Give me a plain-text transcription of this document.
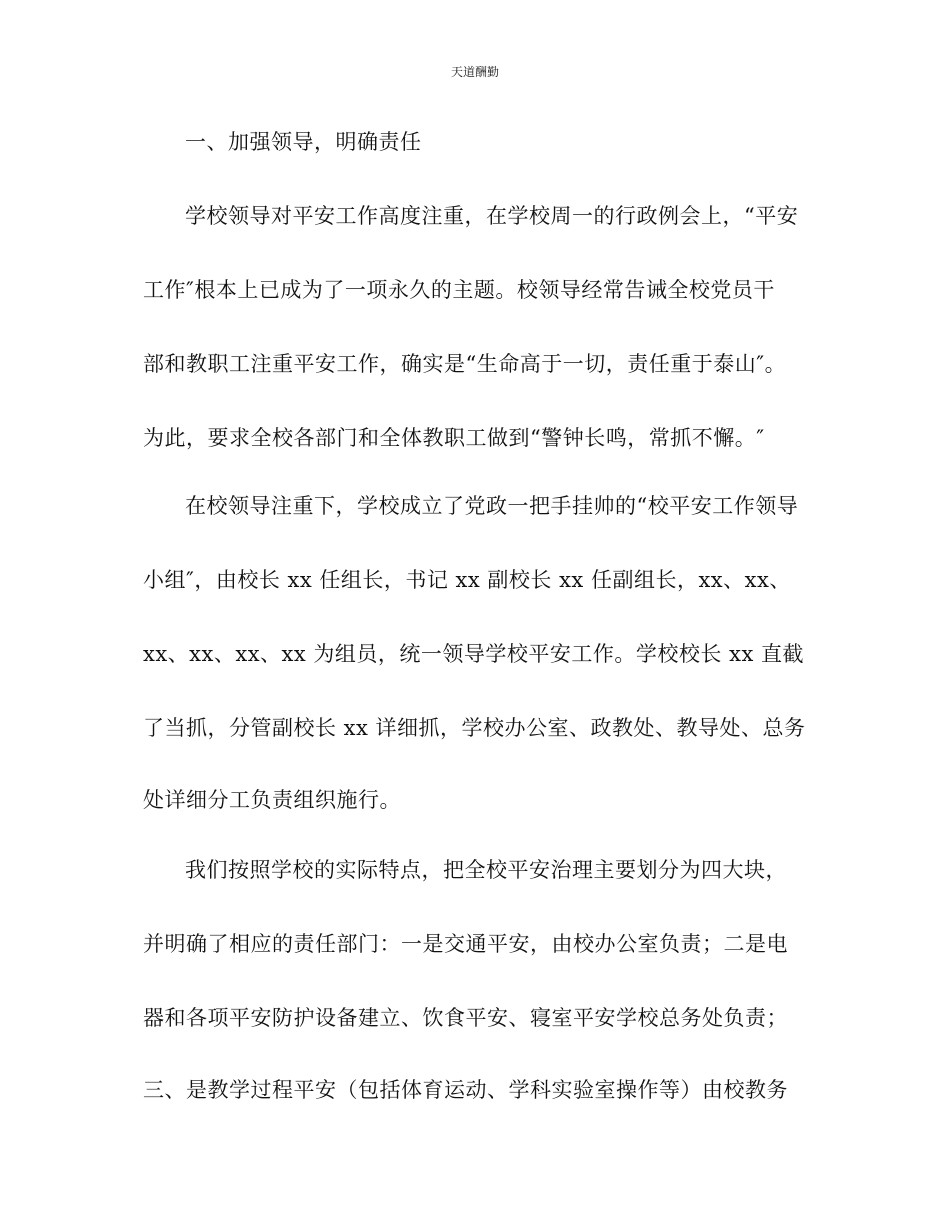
天道酬勤
一、加强领导，明确责任
学校领导对平安工作高度注重，在学校周一的行政例会上，“平安
工作″根本上已成为了一项永久的主题。校领导经常告诫全校党员干
部和教职工注重平安工作，确实是“生命高于一切，责任重于泰山″。
为此，要求全校各部门和全体教职工做到“警钟长鸣，常抓不懈。″
在校领导注重下，学校成立了党政一把手挂帅的“校平安工作领导
小组″，由校长 xx 任组长，书记 xx 副校长 xx 任副组长，xx、xx、
xx、xx、xx、xx 为组员，统一领导学校平安工作。学校校长 xx 直截
了当抓，分管副校长 xx 详细抓，学校办公室、政教处、教导处、总务
处详细分工负责组织施行。
我们按照学校的实际特点，把全校平安治理主要划分为四大块，
并明确了相应的责任部门：一是交通平安，由校办公室负责；二是电
器和各项平安防护设备建立、饮食平安、寝室平安学校总务处负责；
三、是教学过程平安（包括体育运动、学科实验室操作等）由校教务
